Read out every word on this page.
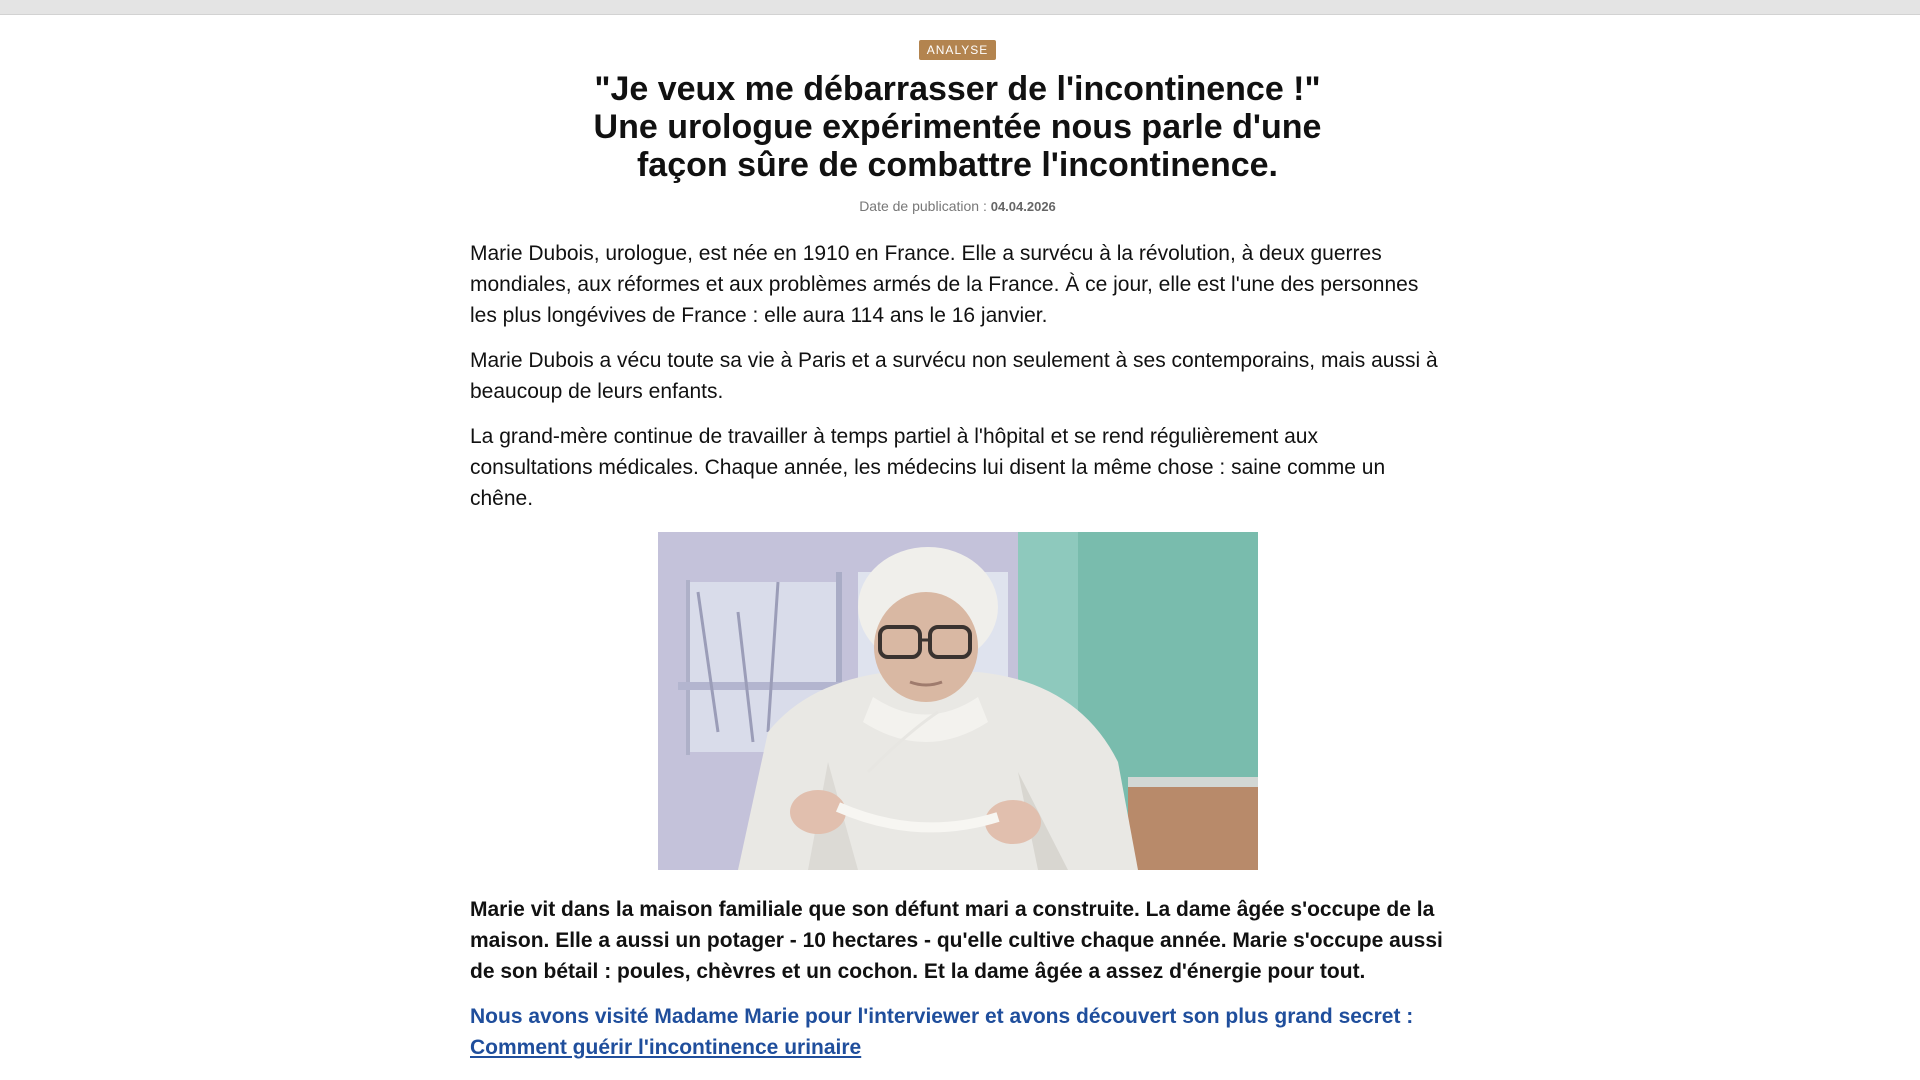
ANALYSE
"Je veux me débarrasser de l'incontinence !"
Une urologue expérimentée nous parle d'une
façon sûre de combattre l'incontinence.
Date de publication : 04.04.2026

Marie Dubois, urologue, est née en 1910 en France. Elle a survécu à la révolution, à deux guerres mondiales, aux réformes et aux problèmes armés de la France. À ce jour, elle est l'une des personnes les plus longévives de France : elle aura 114 ans le 16 janvier.

Marie Dubois a vécu toute sa vie à Paris et a survécu non seulement à ses contemporains, mais aussi à beaucoup de leurs enfants.

La grand-mère continue de travailler à temps partiel à l'hôpital et se rend régulièrement aux consultations médicales. Chaque année, les médecins lui disent la même chose : saine comme un chêne.

Marie vit dans la maison familiale que son défunt mari a construite. La dame âgée s'occupe de la maison. Elle a aussi un potager - 10 hectares - qu'elle cultive chaque année. Marie s'occupe aussi de son bétail : poules, chèvres et un cochon. Et la dame âgée a assez d'énergie pour tout.

Nous avons visité Madame Marie pour l'interviewer et avons découvert son plus grand secret : Comment guérir l'incontinence urinaire
